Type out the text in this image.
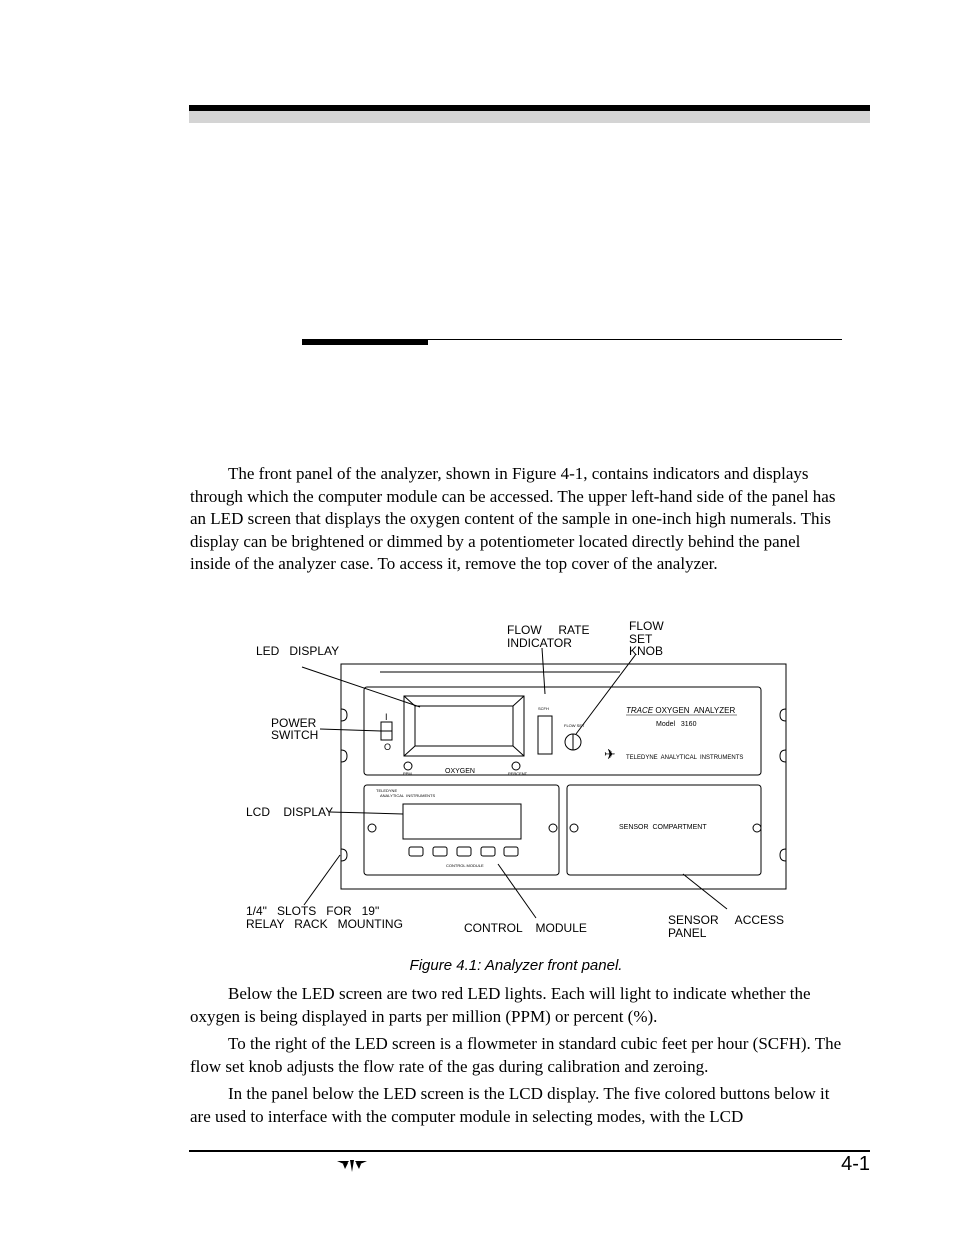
The front panel of the analyzer, shown in Figure 4-1, contains indicators and displays through which the computer module can be accessed. The upper left-hand side of the panel has an LED screen that displays the oxygen content of the sample in one-inch high numerals. This display can be brightened or dimmed by a potentiometer located directly behind the panel inside of the analyzer case. To access it, remove the top cover of the analyzer.

LED   DISPLAY
FLOW     RATE
INDICATOR
FLOW
SET
KNOB
POWER
SWITCH
LCD    DISPLAY
1/4"   SLOTS   FOR   19"
RELAY   RACK   MOUNTING	CONTROL    MODULE
SENSOR     ACCESS
PANEL
I
O
TRACE OXYGEN  ANALYZER
Model   3160
✈ TELEDYNE  ANALYTICAL  INSTRUMENTS
OXYGEN
PPM	PERCENT
SCFH
FLOW SET
TELEDYNE
ANALYTICAL  INSTRUMENTS
CONTROL MODULE
SENSOR  COMPARTMENT
Figure 4.1: Analyzer front panel.

Below the LED screen are two red LED lights. Each will light to indicate whether the oxygen is being displayed in parts per million (PPM) or percent (%).

To the right of the LED screen is a flowmeter in standard cubic feet per hour (SCFH). The flow set knob adjusts the flow rate of the gas during calibration and zeroing.

In the panel below the LED screen is the LCD display. The five colored buttons below it are used to interface with the computer module in selecting modes, with the LCD

4-1
